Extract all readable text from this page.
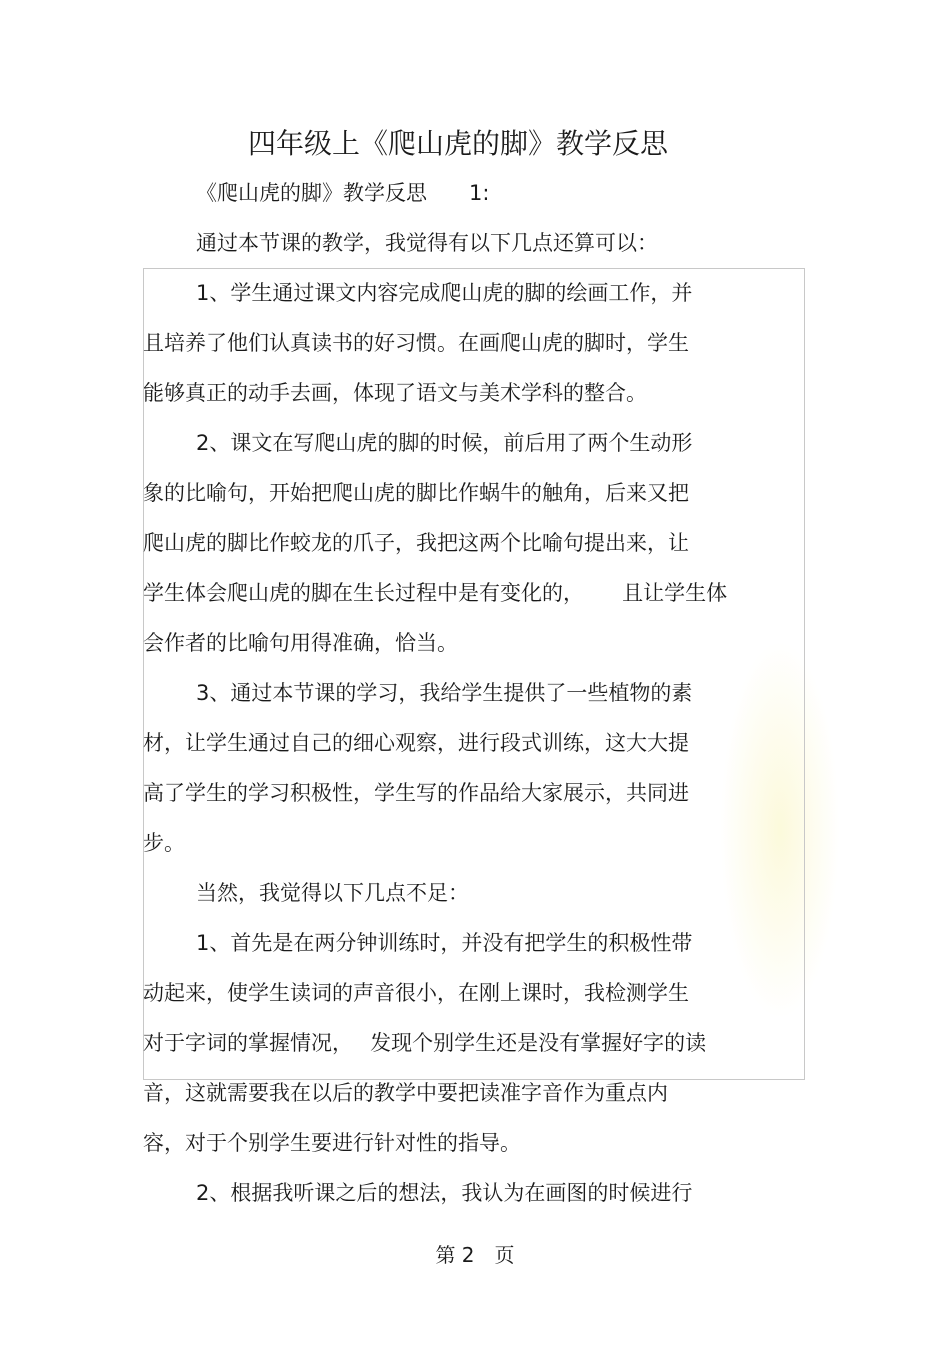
四年级上《爬山虎的脚》教学反思
《爬山虎的脚》教学反思　　1:
通过本节课的教学，我觉得有以下几点还算可以：
1、学生通过课文内容完成爬山虎的脚的绘画工作，并
且培养了他们认真读书的好习惯。在画爬山虎的脚时，学生
能够真正的动手去画，体现了语文与美术学科的整合。
2、课文在写爬山虎的脚的时候，前后用了两个生动形
象的比喻句，开始把爬山虎的脚比作蜗牛的触角，后来又把
爬山虎的脚比作蛟龙的爪子，我把这两个比喻句提出来，让
学生体会爬山虎的脚在生长过程中是有变化的，　　 且让学生体
会作者的比喻句用得准确，恰当。
3、通过本节课的学习，我给学生提供了一些植物的素
材，让学生通过自己的细心观察，进行段式训练，这大大提
高了学生的学习积极性，学生写的作品给大家展示，共同进
步。
当然，我觉得以下几点不足：
1、首先是在两分钟训练时，并没有把学生的积极性带
动起来，使学生读词的声音很小，在刚上课时，我检测学生
对于字词的掌握情况，　 发现个别学生还是没有掌握好字的读
音，这就需要我在以后的教学中要把读准字音作为重点内
容，对于个别学生要进行针对性的指导。
2、根据我听课之后的想法，我认为在画图的时候进行
第 2　页
